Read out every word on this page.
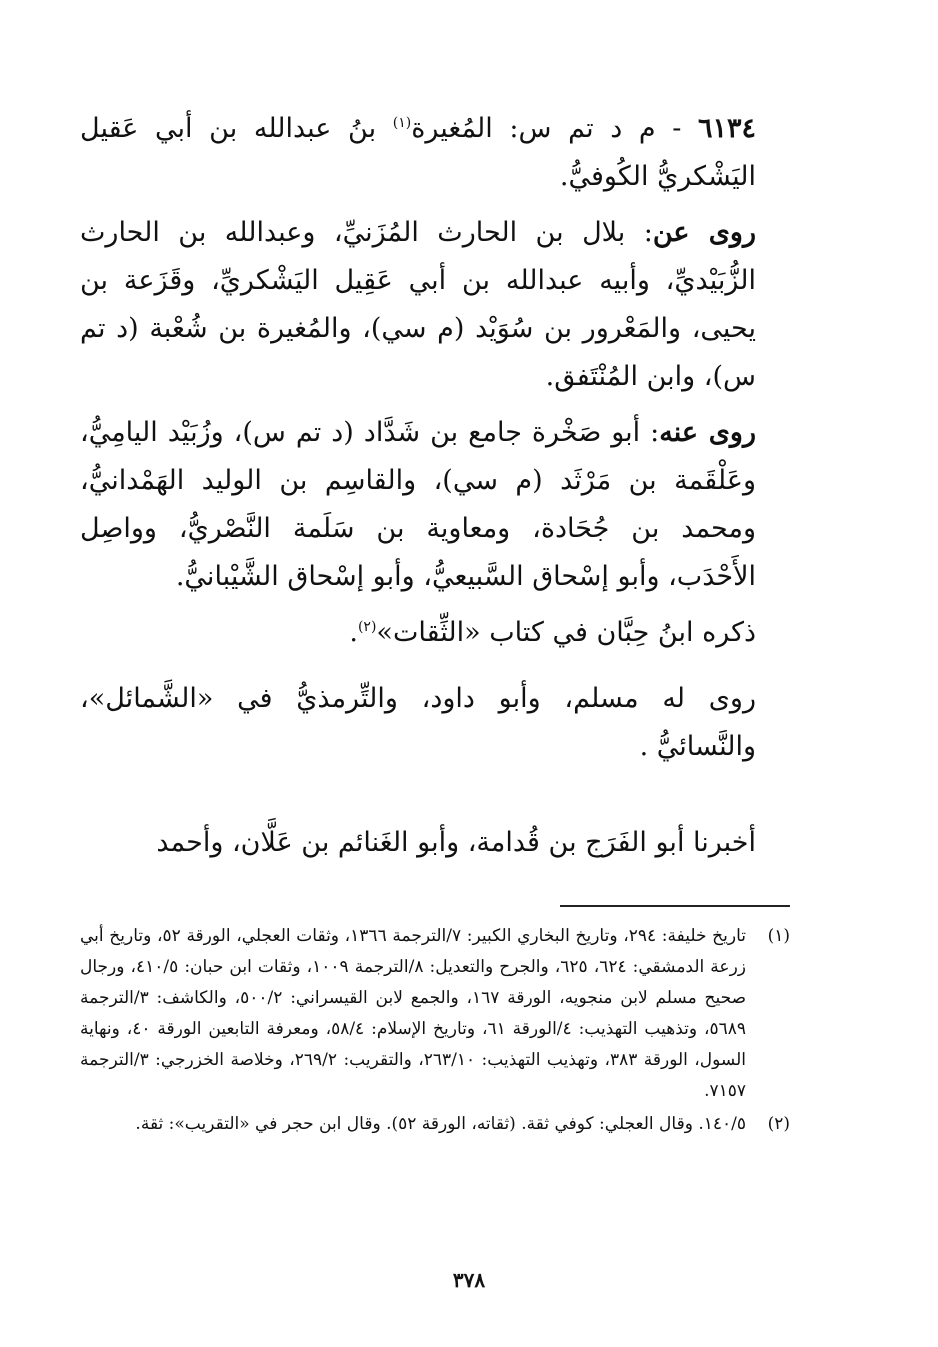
٦١٣٤ - م د تم س: المُغيرة$^{(١)}$ بنُ عبدالله بن أبي عَقيل اليَشْكريُّ الكُوفيُّ.

روى عن: بلال بن الحارث المُزَنيِّ، وعبدالله بن الحارث الزُّبَيْديِّ، وأبيه عبدالله بن أبي عَقِيل اليَشْكريِّ، وقَزَعة بن يحيى، والمَعْرور بن سُوَيْد (م سي)، والمُغيرة بن شُعْبة (د تم س)، وابن المُنْتَفق.

روى عنه: أبو صَخْرة جامع بن شَدَّاد (د تم س)، وزُبَيْد اليامِيُّ، وعَلْقَمة بن مَرْثَد (م سي)، والقاسِم بن الوليد الهَمْدانيُّ، ومحمد بن جُحَادة، ومعاوية بن سَلَمة النَّصْريُّ، وواصِل الأَحْدَب، وأبو إسْحاق السَّبيعيُّ، وأبو إسْحاق الشَّيْبانيُّ.

ذكره ابنُ حِبَّان في كتاب «الثِّقات»$^{(٢)}$.

روى له مسلم، وأبو داود، والتِّرمذيُّ في «الشَّمائل»، والنَّسائيُّ .

أخبرنا أبو الفَرَج بن قُدامة، وأبو الغَنائم بن عَلَّان، وأحمد

(١)
تاريخ خليفة: ٢٩٤، وتاريخ البخاري الكبير: ٧/الترجمة ١٣٦٦، وثقات العجلي، الورقة ٥٢، وتاريخ أبي زرعة الدمشقي: ٦٢٤، ٦٢٥، والجرح والتعديل: ٨/الترجمة ١٠٠٩، وثقات ابن حبان: ٤١٠/٥، ورجال صحيح مسلم لابن منجويه، الورقة ١٦٧، والجمع لابن القيسراني: ٥٠٠/٢، والكاشف: ٣/الترجمة ٥٦٨٩، وتذهيب التهذيب: ٤/الورقة ٦١، وتاريخ الإسلام: ٥٨/٤، ومعرفة التابعين الورقة ٤٠، ونهاية السول، الورقة ٣٨٣، وتهذيب التهذيب: ٢٦٣/١٠، والتقريب: ٢٦٩/٢، وخلاصة الخزرجي: ٣/الترجمة ٧١٥٧.
(٢)
١٤٠/٥. وقال العجلي: كوفي ثقة. (ثقاته، الورقة ٥٢). وقال ابن حجر في «التقريب»: ثقة.
٣٧٨
